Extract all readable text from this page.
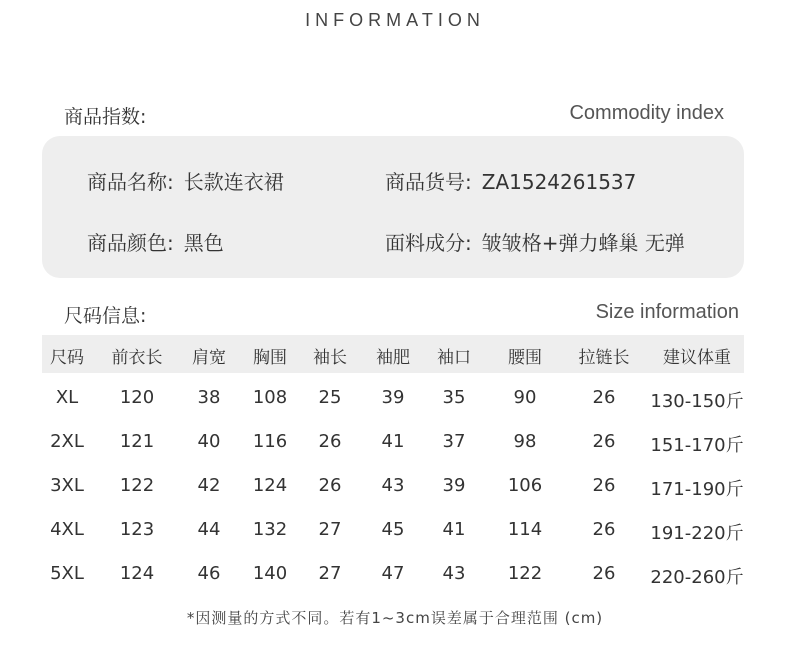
INFORMATION
商品指数:	Commodity index
商品名称: 长款连衣裙	商品货号: ZA1524261537
商品颜色: 黑色	面料成分: 皱皱格+弹力蜂巢 无弹
尺码信息:	Size information
尺码 前衣长 肩宽 胸围 袖长 袖肥 袖口 腰围 拉链长 建议体重
XL 120 38 108 25 39 35	90	26 130-150斤
2XL 121 40 116 26 41 37	98	26 151-170斤
3XL 122 42 124 26 43 39 106	26 171-190斤
4XL 123 44 132 27 45 41 114	26 191-220斤
5XL 124 46 140 27 47 43 122	26 220-260斤
*因测量的方式不同。若有1~3cm误差属于合理范围 (cm)
